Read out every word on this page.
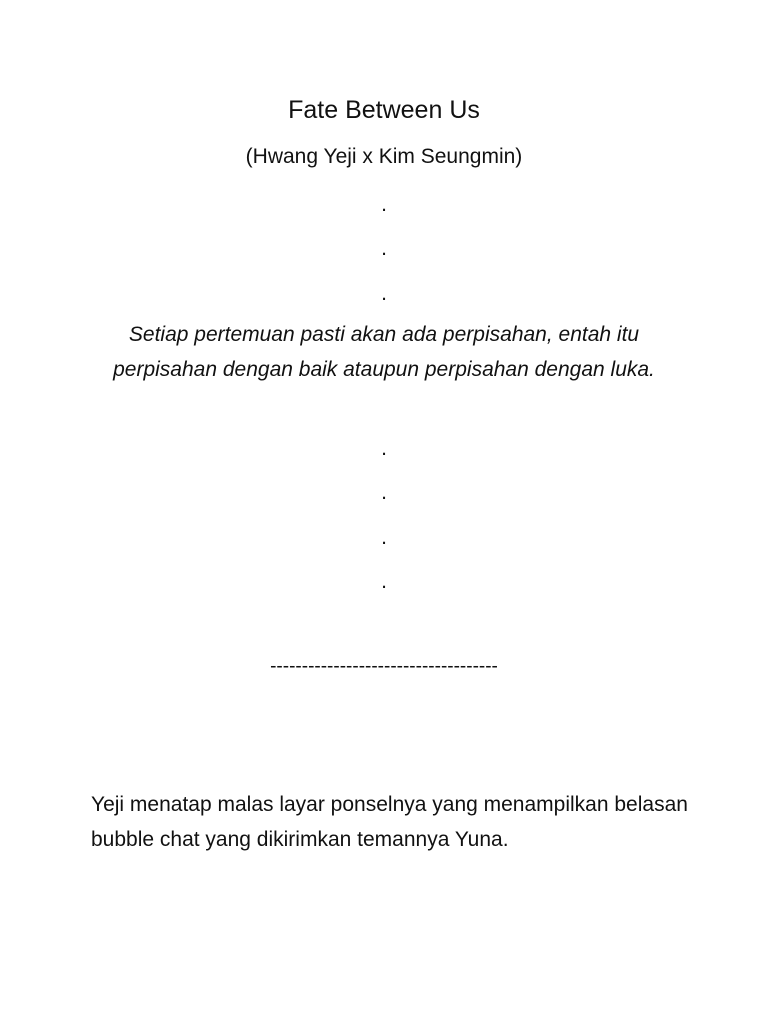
Fate Between Us
(Hwang Yeji x Kim Seungmin)
.
.
.
Setiap pertemuan pasti akan ada perpisahan, entah itu perpisahan dengan baik ataupun perpisahan dengan luka.
.
.
.
.
------------------------------------
Yeji menatap malas layar ponselnya yang menampilkan belasan bubble chat yang dikirimkan temannya Yuna.
